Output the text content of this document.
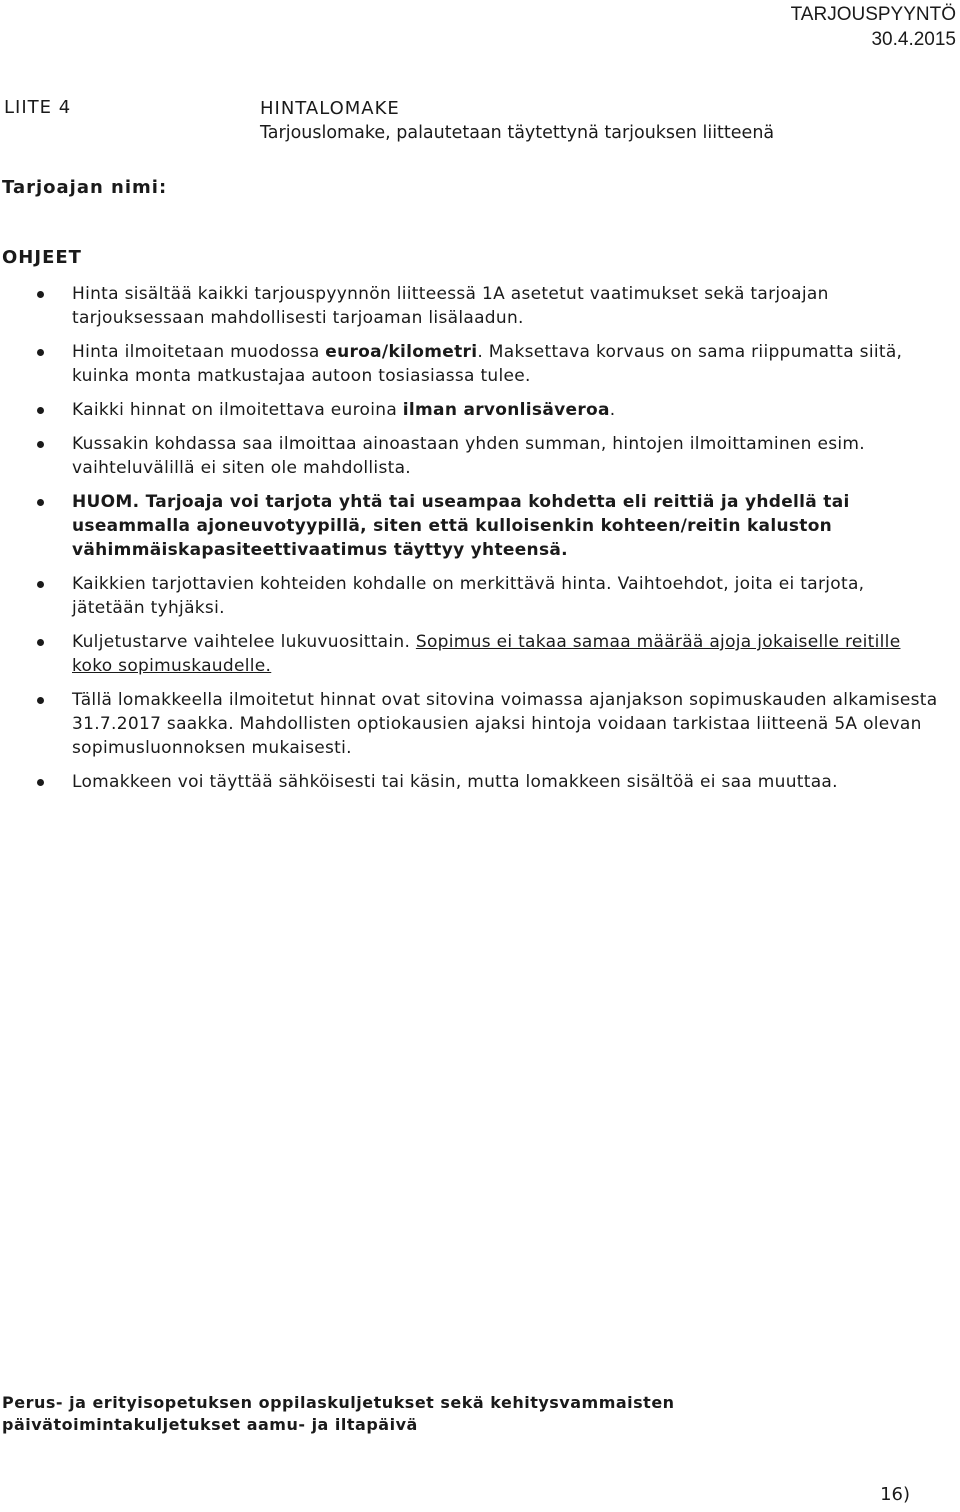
TARJOUSPYYNTÖ
30.4.2015
LIITE 4	HINTALOMAKE
Tarjouslomake, palautetaan täytettynä tarjouksen liitteenä
Tarjoajan nimi:
OHJEET
Hinta sisältää kaikki tarjouspyynnön liitteessä 1A asetetut vaatimukset sekä tarjoajan tarjouksessaan mahdollisesti tarjoaman lisälaadun.
Hinta ilmoitetaan muodossa euroa/kilometri. Maksettava korvaus on sama riippumatta siitä, kuinka monta matkustajaa autoon tosiasiassa tulee.
Kaikki hinnat on ilmoitettava euroina ilman arvonlisäveroa.
Kussakin kohdassa saa ilmoittaa ainoastaan yhden summan, hintojen ilmoittaminen esim. vaihteluvälillä ei siten ole mahdollista.
HUOM. Tarjoaja voi tarjota yhtä tai useampaa kohdetta eli reittiä ja yhdellä tai useammalla ajoneuvotyypillä, siten että kulloisenkin kohteen/reitin kaluston vähimmäiskapasiteettivaatimus täyttyy yhteensä.
Kaikkien tarjottavien kohteiden kohdalle on merkittävä hinta. Vaihtoehdot, joita ei tarjota, jätetään tyhjäksi.
Kuljetustarve vaihtelee lukuvuosittain. Sopimus ei takaa samaa määrää ajoja jokaiselle reitille koko sopimuskaudelle.
Tällä lomakkeella ilmoitetut hinnat ovat sitovina voimassa ajanjakson sopimuskauden alkamisesta 31.7.2017 saakka. Mahdollisten optiokausien ajaksi hintoja voidaan tarkistaa liitteenä 5A olevan sopimusluonnoksen mukaisesti.
Lomakkeen voi täyttää sähköisesti tai käsin, mutta lomakkeen sisältöä ei saa muuttaa.
Perus- ja erityisopetuksen oppilaskuljetukset sekä kehitysvammaisten
päivätoimintakuljetukset aamu- ja iltapäivä
16)
